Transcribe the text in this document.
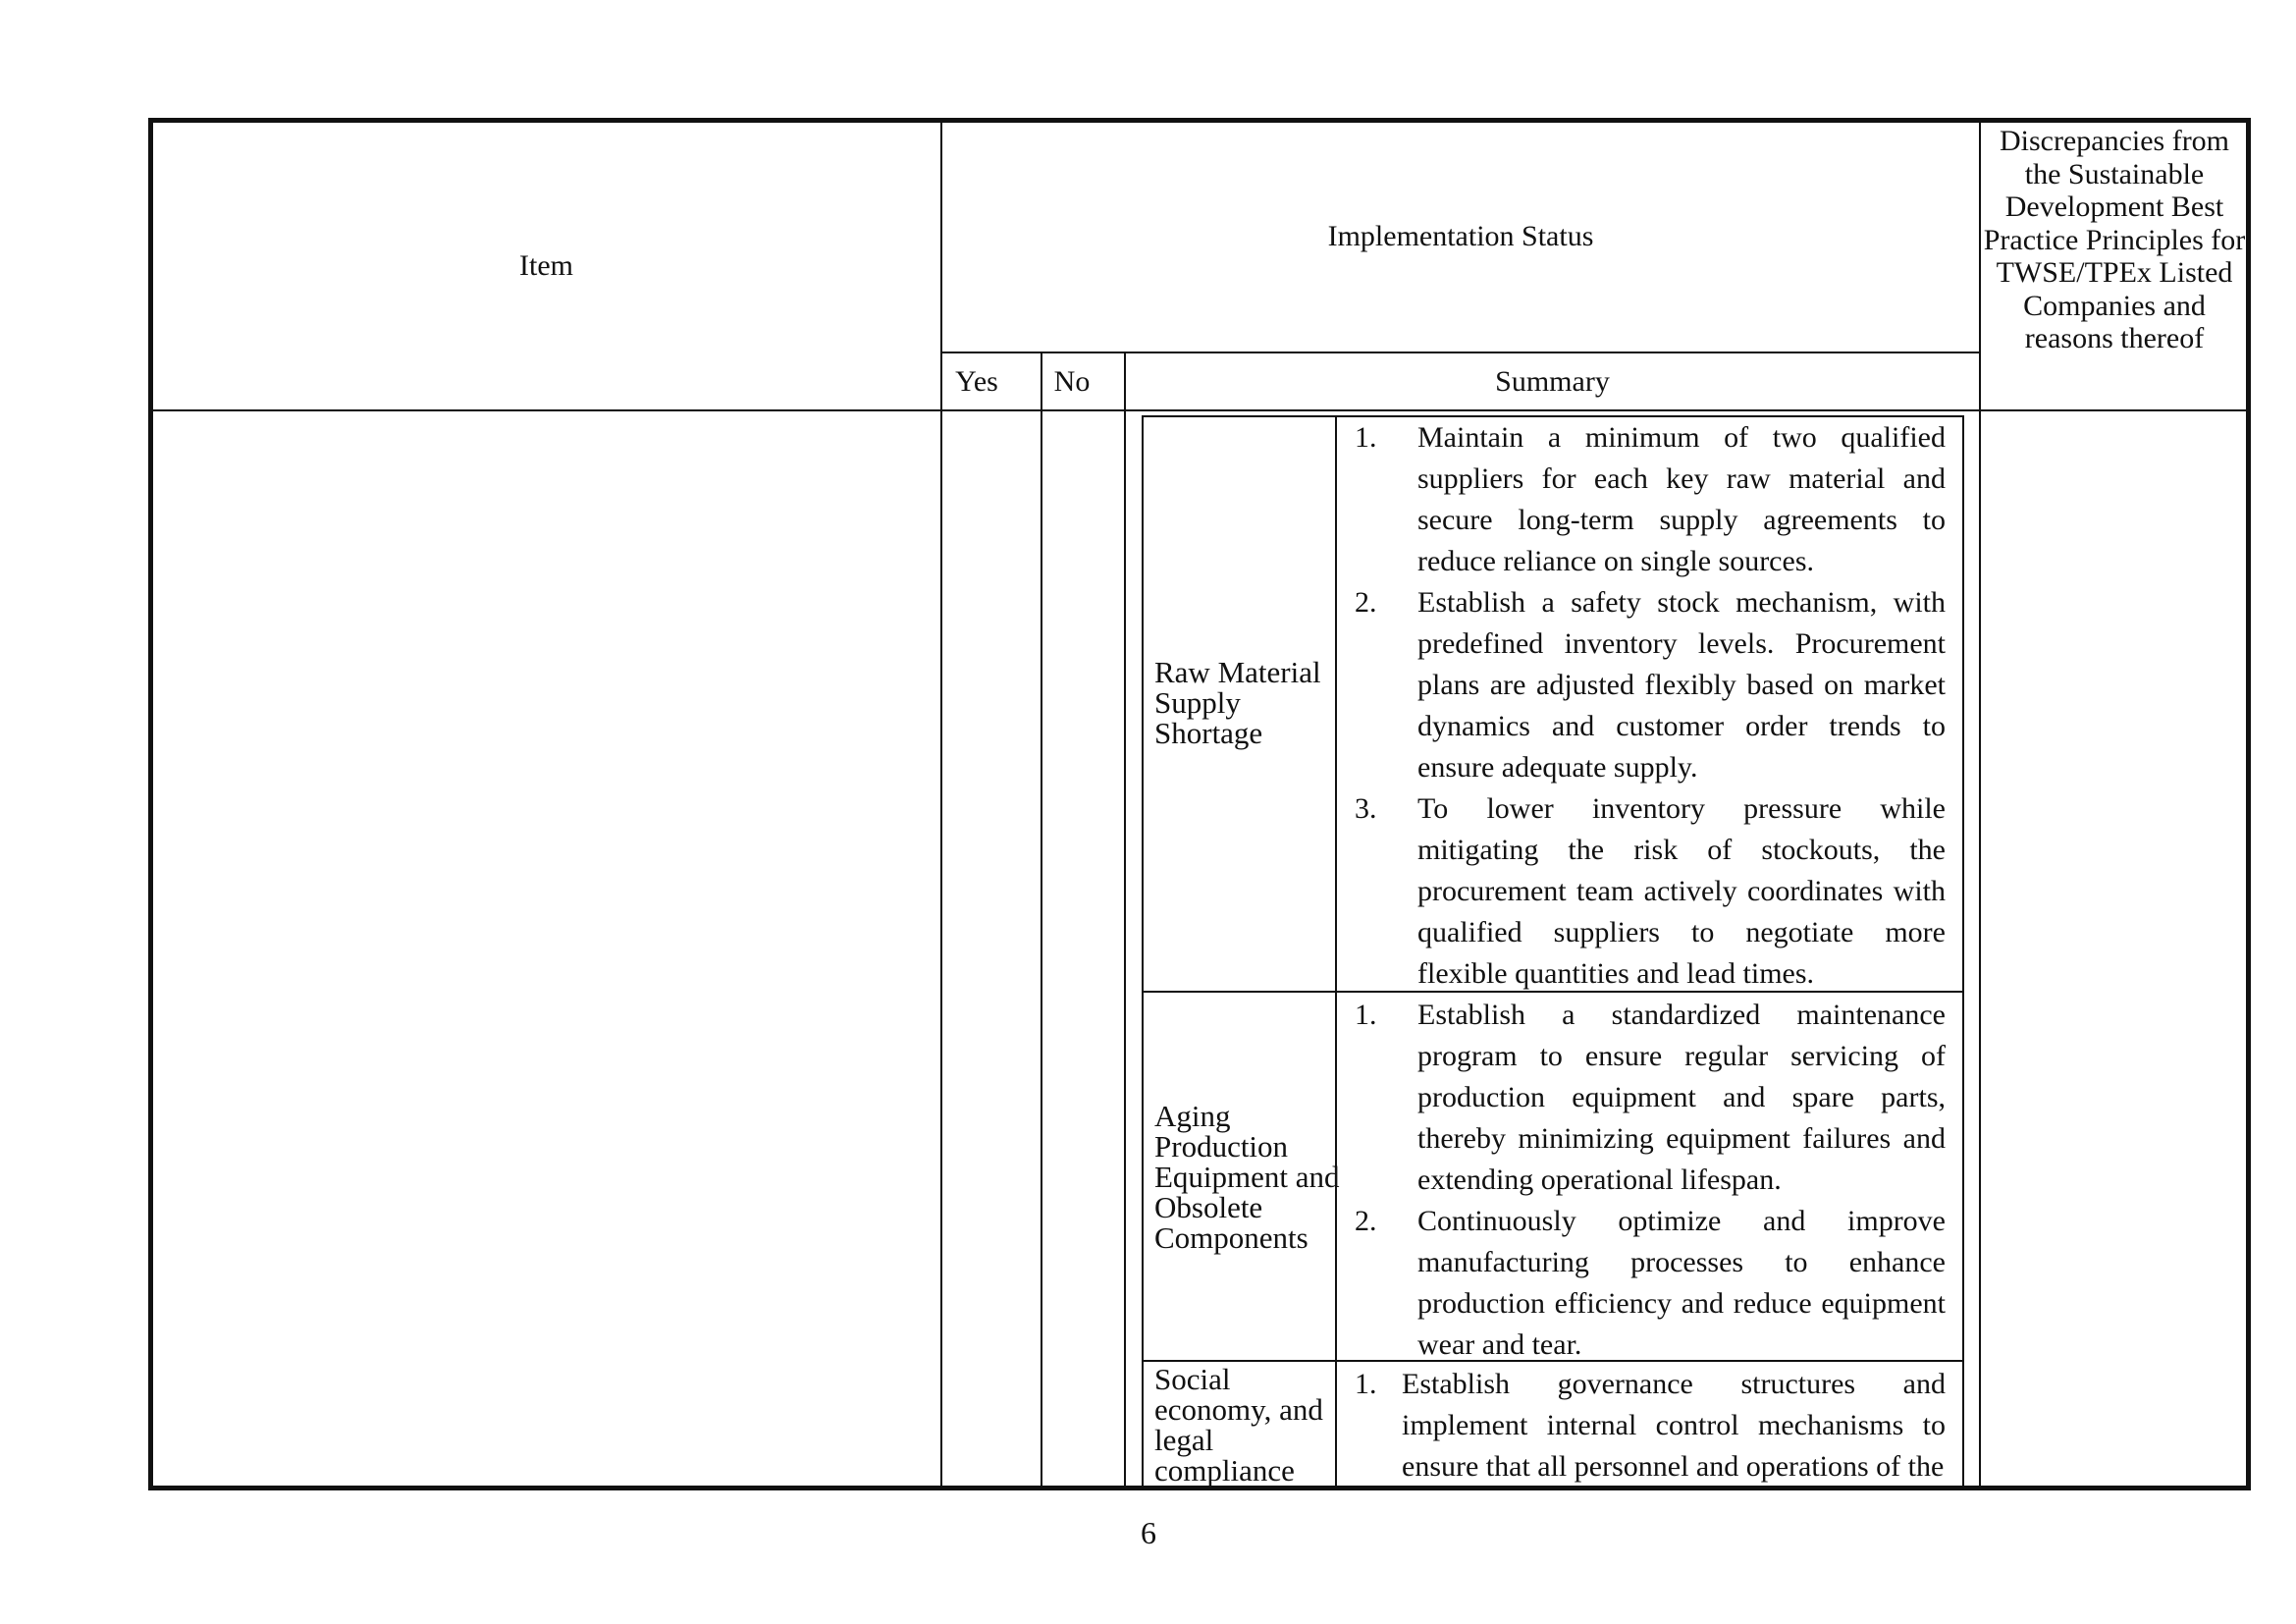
Item
Implementation Status
Yes	No	Summary
Discrepancies from the Sustainable Development Best Practice Principles for TWSE/TPEx Listed Companies and reasons thereof
Raw Material Supply Shortage
1. Maintain a minimum of two qualified suppliers for each key raw material and secure long-term supply agreements to reduce reliance on single sources.
2. Establish a safety stock mechanism, with predefined inventory levels. Procurement plans are adjusted flexibly based on market dynamics and customer order trends to ensure adequate supply.
3. To lower inventory pressure while mitigating the risk of stockouts, the procurement team actively coordinates with qualified suppliers to negotiate more flexible quantities and lead times.
Aging Production Equipment and Obsolete Components
1. Establish a standardized maintenance program to ensure regular servicing of production equipment and spare parts, thereby minimizing equipment failures and extending operational lifespan.
2. Continuously optimize and improve manufacturing processes to enhance production efficiency and reduce equipment wear and tear.
Social economy, and legal compliance
1. Establish governance structures and implement internal control mechanisms to ensure that all personnel and operations of the
6
